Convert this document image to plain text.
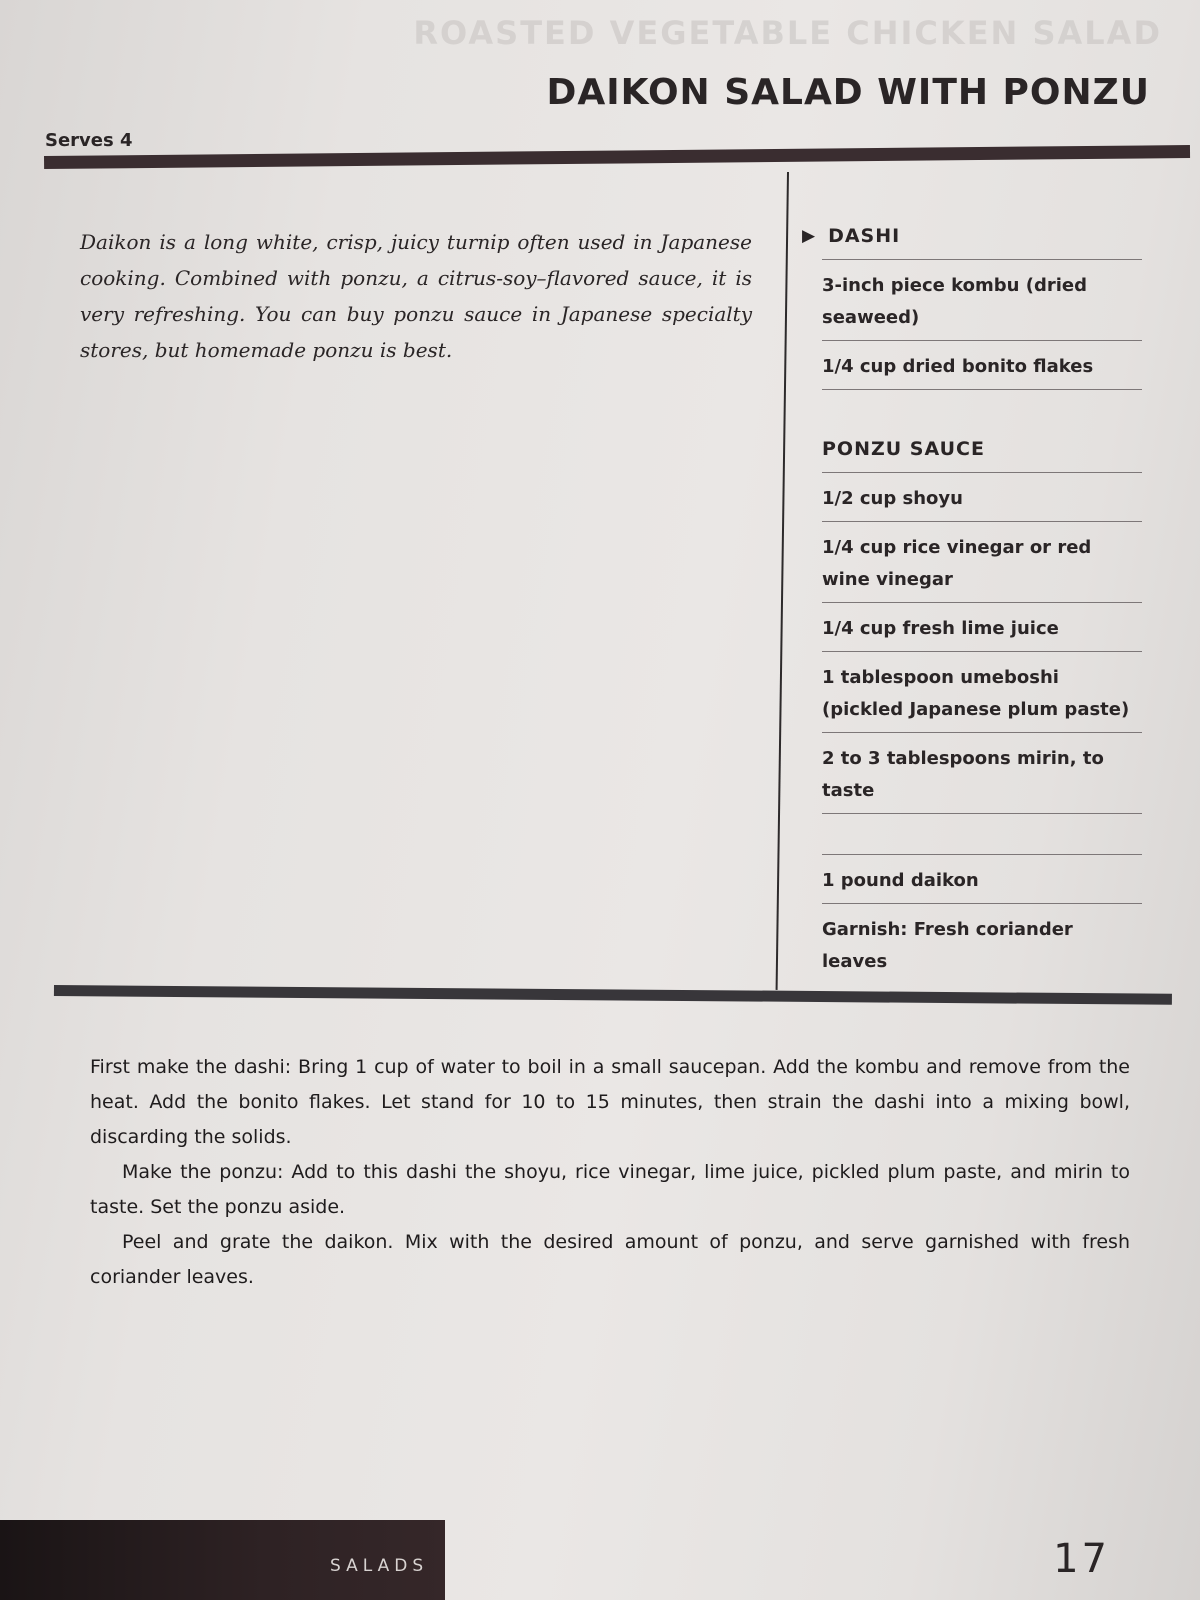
ROASTED VEGETABLE CHICKEN SALAD
DAIKON SALAD WITH PONZU
Serves 4

Daikon is a long white, crisp, juicy turnip often used in Japanese cooking. Combined with ponzu, a citrus-soy–flavored sauce, it is very refreshing. You can buy ponzu sauce in Japanese specialty stores, but homemade ponzu is best.

▶ DASHI
3-inch piece kombu (dried seaweed)
1/4 cup dried bonito flakes
PONZU SAUCE
1/2 cup shoyu
1/4 cup rice vinegar or red wine vinegar
1/4 cup fresh lime juice
1 tablespoon umeboshi (pickled Japanese plum paste)
2 to 3 tablespoons mirin, to taste
1 pound daikon
Garnish: Fresh coriander leaves

First make the dashi: Bring 1 cup of water to boil in a small saucepan. Add the kombu and remove from the heat. Add the bonito flakes. Let stand for 10 to 15 minutes, then strain the dashi into a mixing bowl, discarding the solids.

Make the ponzu: Add to this dashi the shoyu, rice vinegar, lime juice, pickled plum paste, and mirin to taste. Set the ponzu aside.

Peel and grate the daikon. Mix with the desired amount of ponzu, and serve garnished with fresh coriander leaves.

SALADS	17
